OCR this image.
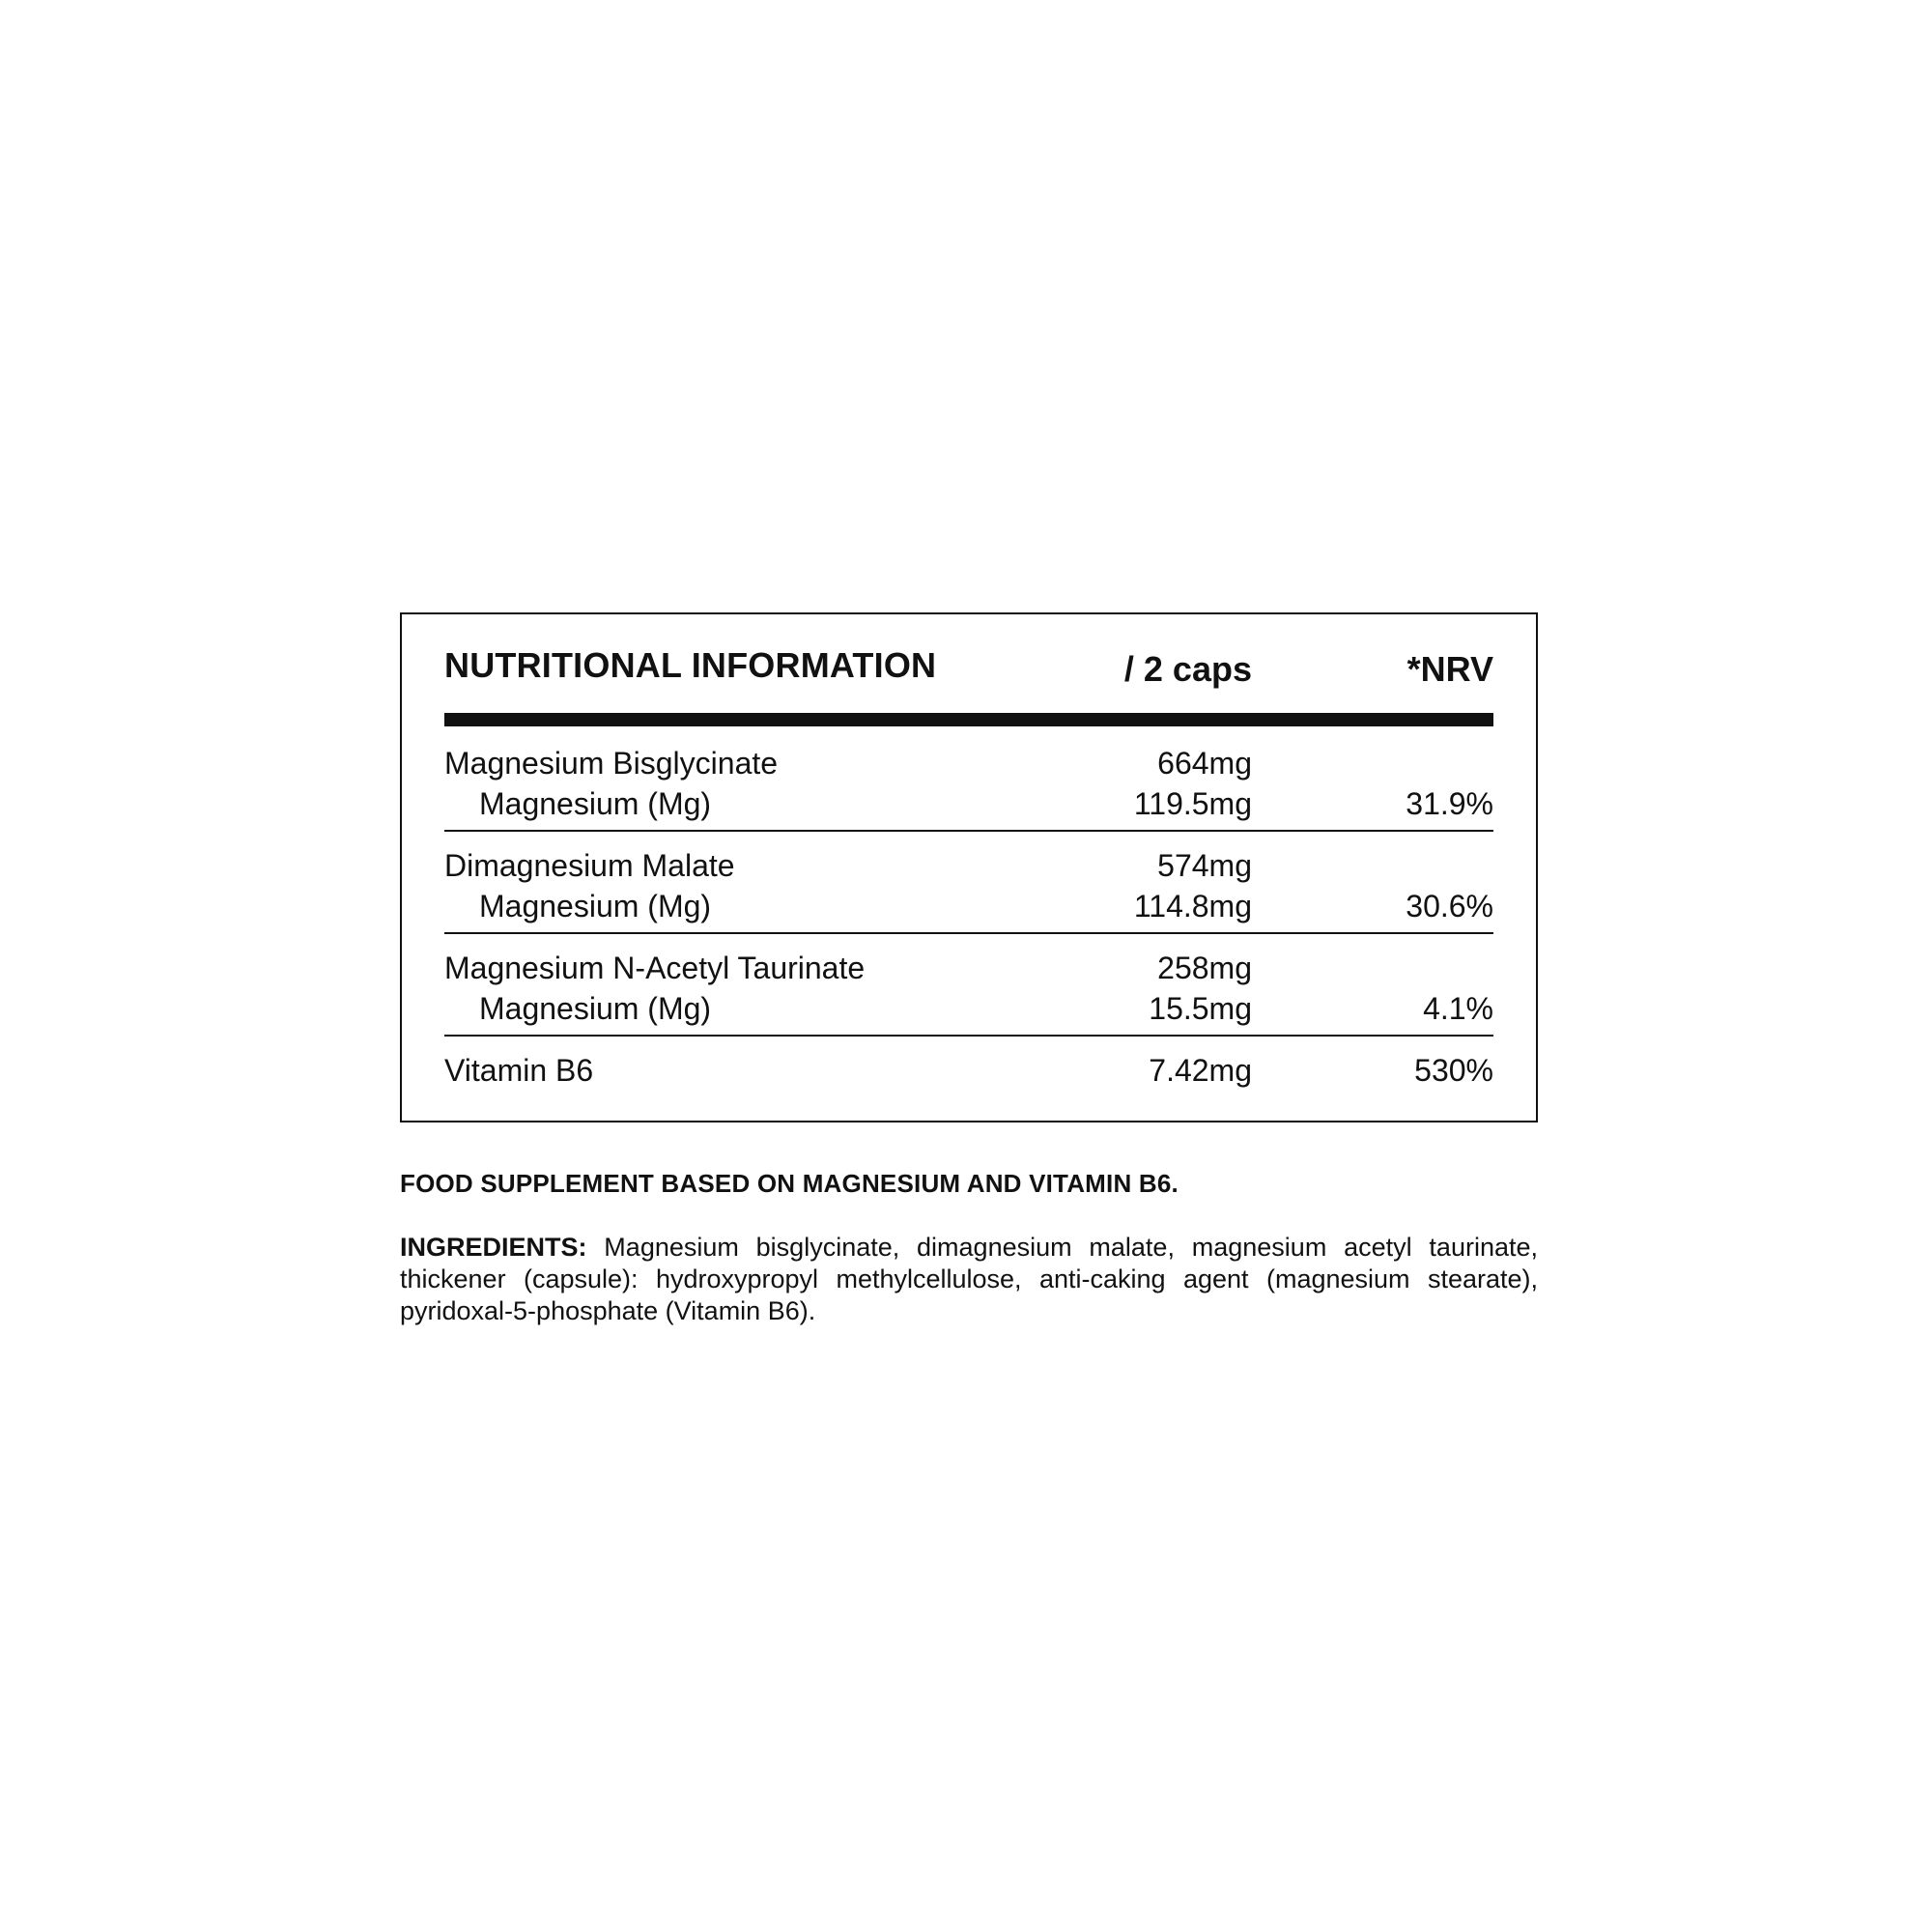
NUTRITIONAL INFORMATION	/ 2 caps	*NRV
Magnesium Bisglycinate	664mg
Magnesium (Mg)	119.5mg	31.9%
Dimagnesium Malate	574mg
Magnesium (Mg)	114.8mg	30.6%
Magnesium N-Acetyl Taurinate	258mg
Magnesium (Mg)	15.5mg	4.1%
Vitamin B6	7.42mg	530%
FOOD SUPPLEMENT BASED ON MAGNESIUM AND VITAMIN B6.
INGREDIENTS: Magnesium bisglycinate, dimagnesium malate, magnesium acetyl taurinate, thickener (capsule): hydroxypropyl methylcellulose, anti-caking agent (magnesium stearate), pyridoxal-5-phosphate (Vitamin B6).
